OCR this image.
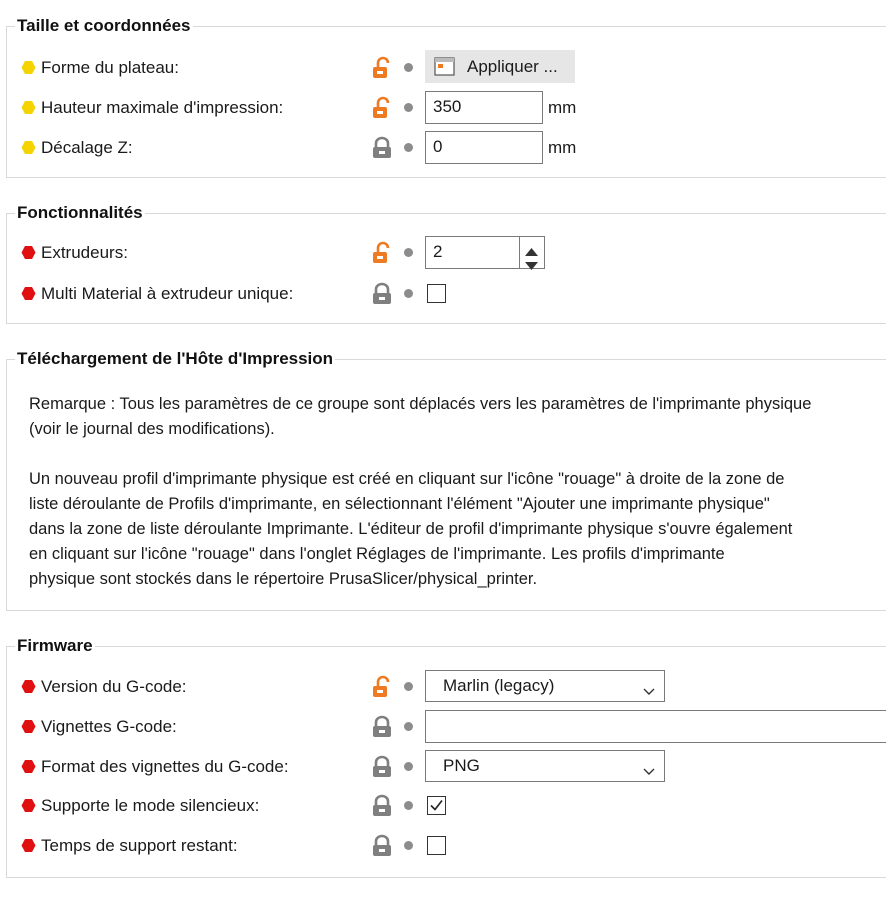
Taille et coordonnées
Forme du plateau:	Appliquer ...
Hauteur maximale d'impression:	350	mm
Décalage Z:	0	mm
Fonctionnalités
Extrudeurs:	2
Multi Material à extrudeur unique:
Téléchargement de l'Hôte d'Impression
Remarque : Tous les paramètres de ce groupe sont déplacés vers les paramètres de l'imprimante physique
(voir le journal des modifications).
Un nouveau profil d'imprimante physique est créé en cliquant sur l'icône "rouage" à droite de la zone de
liste déroulante de Profils d'imprimante, en sélectionnant l'élément "Ajouter une imprimante physique"
dans la zone de liste déroulante Imprimante. L'éditeur de profil d'imprimante physique s'ouvre également
en cliquant sur l'icône "rouage" dans l'onglet Réglages de l'imprimante. Les profils d'imprimante
physique sont stockés dans le répertoire PrusaSlicer/physical_printer.
Firmware
Version du G-code:	Marlin (legacy)
Vignettes G-code:
Format des vignettes du G-code:	PNG
Supporte le mode silencieux:
Temps de support restant:
